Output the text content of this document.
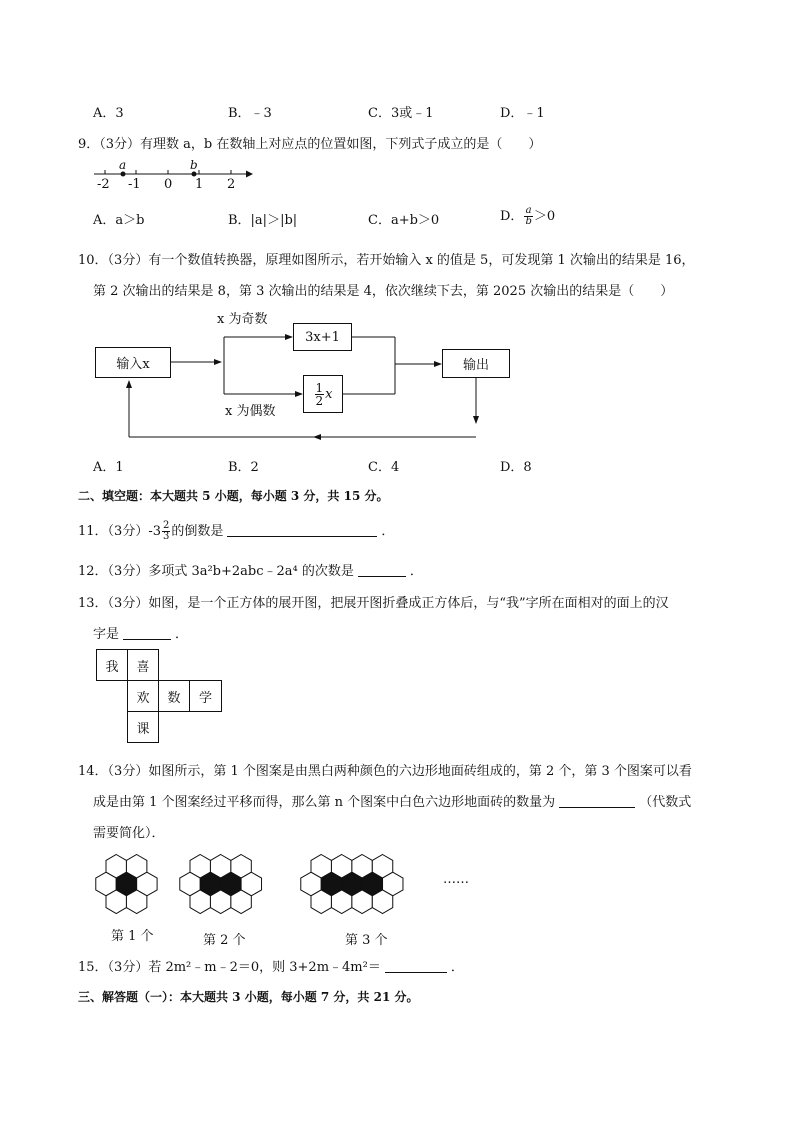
A．3	B．﹣3	C．3或﹣1	D．﹣1
9．（3分）有理数 a，b 在数轴上对应点的位置如图，下列式子成立的是（　　）
a	b
-2 -1 0 1 2
A．a＞b	B．|a|＞|b|	C．a+b＞0	D． $\frac{a}{b} >0$
10．（3分）有一个数值转换器，原理如图所示，若开始输入 x 的值是 5，可发现第 1 次输出的结果是 16，
第 2 次输出的结果是 8，第 3 次输出的结果是 4，依次继续下去，第 2025 次输出的结果是（　　）
输入x
x 为奇数
x 为偶数
3x+1
$\frac{1}{2}$ x
输出
A．1	B．2	C．4	D．8
二、填空题：本大题共 5 小题，每小题 3 分，共 15 分。
11．（3分）$-3 \frac{2}{3}$ 的倒数是	．
12．（3分）多项式 3a²b+2abc﹣2a⁴ 的次数是	．
13．（3分）如图，是一个正方体的展开图，把展开图折叠成正方体后，与“我”字所在面相对的面上的汉
字是	．
我	喜
欢	数	学
课
14．（3分）如图所示，第 1 个图案是由黑白两种颜色的六边形地面砖组成的，第 2 个，第 3 个图案可以看
成是由第 1 个图案经过平移而得，那么第 n 个图案中白色六边形地面砖的数量为	（代数式
需要简化）．
第 1 个	第 2 个	第 3 个
……
15．（3分）若 2m²﹣m﹣2＝0，则 3+2m﹣4m²＝	．
三、解答题（一）：本大题共 3 小题，每小题 7 分，共 21 分。
